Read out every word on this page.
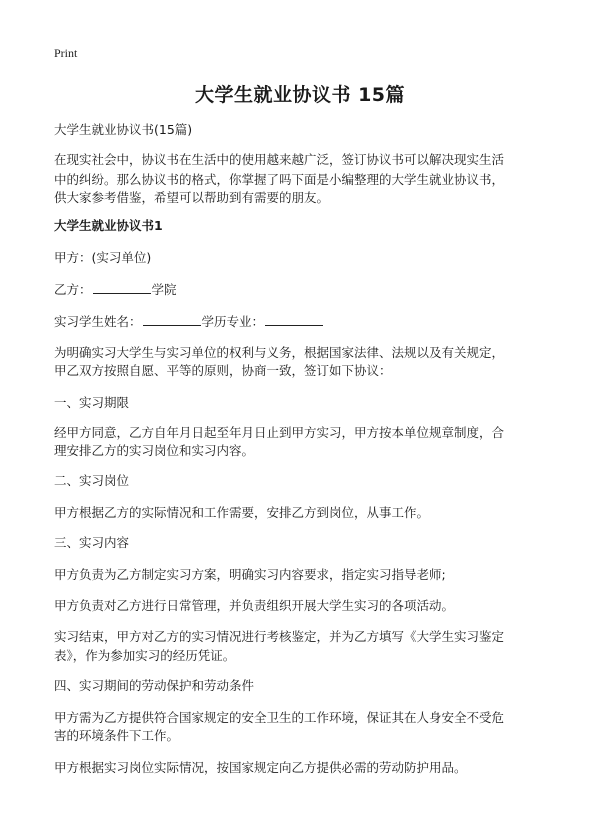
Print
大学生就业协议书 15篇
大学生就业协议书(15篇)
在现实社会中，协议书在生活中的使用越来越广泛，签订协议书可以解决现实生活
中的纠纷。那么协议书的格式，你掌握了吗下面是小编整理的大学生就业协议书，
供大家参考借鉴，希望可以帮助到有需要的朋友。
大学生就业协议书1
甲方：(实习单位)
乙方：	学院
实习学生姓名：	学历专业：
为明确实习大学生与实习单位的权利与义务，根据国家法律、法规以及有关规定，
甲乙双方按照自愿、平等的原则，协商一致，签订如下协议：
一、实习期限
经甲方同意，乙方自年月日起至年月日止到甲方实习，甲方按本单位规章制度，合
理安排乙方的实习岗位和实习内容。
二、实习岗位
甲方根据乙方的实际情况和工作需要，安排乙方到岗位，从事工作。
三、实习内容
甲方负责为乙方制定实习方案，明确实习内容要求，指定实习指导老师;
甲方负责对乙方进行日常管理，并负责组织开展大学生实习的各项活动。
实习结束，甲方对乙方的实习情况进行考核鉴定，并为乙方填写《大学生实习鉴定
表》，作为参加实习的经历凭证。
四、实习期间的劳动保护和劳动条件
甲方需为乙方提供符合国家规定的安全卫生的工作环境，保证其在人身安全不受危
害的环境条件下工作。
甲方根据实习岗位实际情况，按国家规定向乙方提供必需的劳动防护用品。
